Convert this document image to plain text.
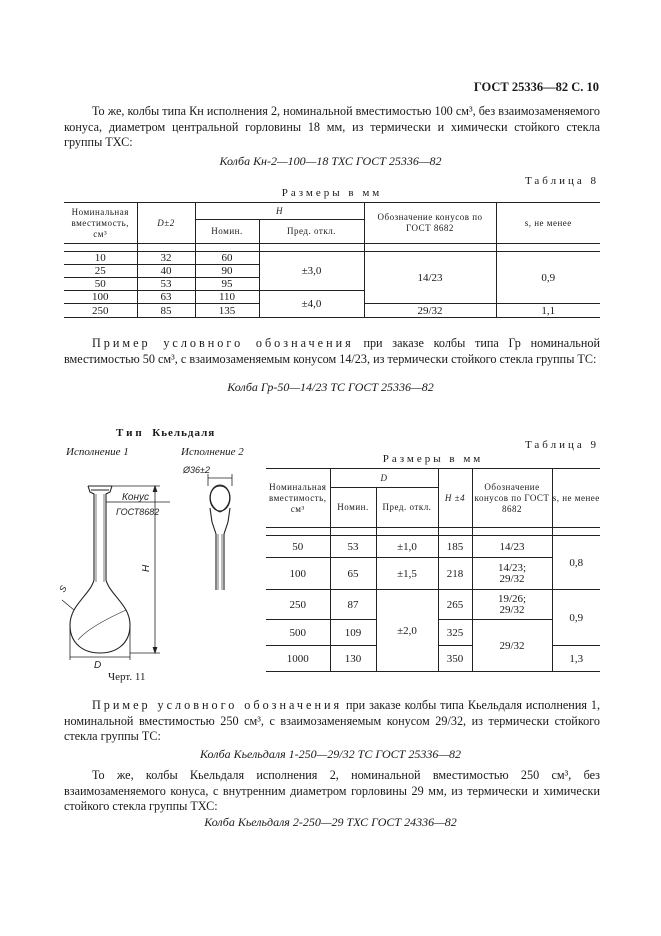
ГОСТ 25336—82 С. 10
То же, колбы типа Кн исполнения 2, номинальной вместимостью 100 см³, без взаимозаменяемого конуса, диаметром центральной горловины 18 мм, из термически и химически стойкого стекла группы ТХС:
Колба Кн-2—100—18 ТХС ГОСТ 25336—82
Таблица 8
Размеры в мм
Номинальная вместимость, см³	D±2	H		Обозначение конусов по ГОСТ 8682	s, не менее
		Номин.	Пред. откл.		

10	32	60	±3,0	14/23	0,9
25	40	90			
50	53	95			
100	63	110	±4,0		
250	85	135		29/32	1,1
Пример условного обозначения при заказе колбы типа Гр номинальной вместимостью 50 см³, с взаимозаменяемым конусом 14/23, из термически стойкого стекла группы ТС:
Колба Гр-50—14/23 ТС ГОСТ 25336—82
Тип Кьельдаля
Исполнение 1	Исполнение 2
Конус
ГОСТ8682
H
D
S
Ø36±2
Черт. 11
Таблица 9
Размеры в мм
Номинальная вместимость, см³	D		H ±4	Обозначение конусов по ГОСТ 8682	s, не менее
	Номин.	Пред. откл.			

50	53	±1,0	185	14/23	0,8
100	65	±1,5	218	14/23;
29/32	
250	87	±2,0	265	19/26;
29/32	0,9
500	109		325	29/32	
1000	130		350		1,3
Пример условного обозначения при заказе колбы типа Кьельдаля исполнения 1, номинальной вместимостью 250 см³, с взаимозаменяемым конусом 29/32, из термически стойкого стекла группы ТС:
Колба Кьельдаля 1-250—29/32 ТС ГОСТ 25336—82
То же, колбы Кьельдаля исполнения 2, номинальной вместимостью 250 см³, без взаимозаменяемого конуса, с внутренним диаметром горловины 29 мм, из термически и химически стойкого стекла группы ТХС:
Колба Кьельдаля 2-250—29 ТХС ГОСТ 24336—82
